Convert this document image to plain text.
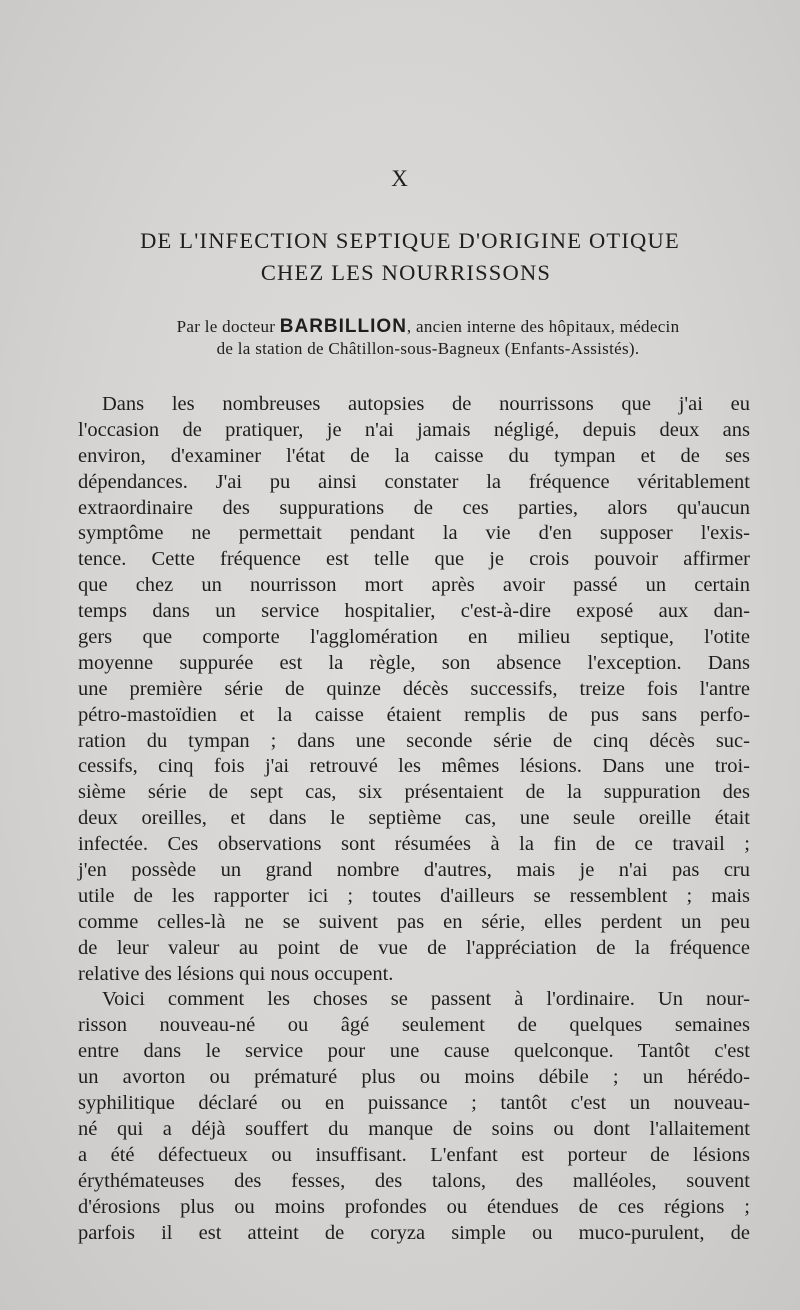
X
DE L'INFECTION SEPTIQUE D'ORIGINE OTIQUE
CHEZ LES NOURRISSONS
Par le docteur BARBILLION, ancien interne des hôpitaux, médecin
de la station de Châtillon-sous-Bagneux (Enfants-Assistés).
Dans les nombreuses autopsies de nourrissons que j'ai eu
l'occasion de pratiquer, je n'ai jamais négligé, depuis deux ans
environ, d'examiner l'état de la caisse du tympan et de ses
dépendances. J'ai pu ainsi constater la fréquence véritablement
extraordinaire des suppurations de ces parties, alors qu'aucun
symptôme ne permettait pendant la vie d'en supposer l'exis-
tence. Cette fréquence est telle que je crois pouvoir affirmer
que chez un nourrisson mort après avoir passé un certain
temps dans un service hospitalier, c'est-à-dire exposé aux dan-
gers que comporte l'agglomération en milieu septique, l'otite
moyenne suppurée est la règle, son absence l'exception. Dans
une première série de quinze décès successifs, treize fois l'antre
pétro-mastoïdien et la caisse étaient remplis de pus sans perfo-
ration du tympan ; dans une seconde série de cinq décès suc-
cessifs, cinq fois j'ai retrouvé les mêmes lésions. Dans une troi-
sième série de sept cas, six présentaient de la suppuration des
deux oreilles, et dans le septième cas, une seule oreille était
infectée. Ces observations sont résumées à la fin de ce travail ;
j'en possède un grand nombre d'autres, mais je n'ai pas cru
utile de les rapporter ici ; toutes d'ailleurs se ressemblent ; mais
comme celles-là ne se suivent pas en série, elles perdent un peu
de leur valeur au point de vue de l'appréciation de la fréquence
relative des lésions qui nous occupent.
Voici comment les choses se passent à l'ordinaire. Un nour-
risson nouveau-né ou âgé seulement de quelques semaines
entre dans le service pour une cause quelconque. Tantôt c'est
un avorton ou prématuré plus ou moins débile ; un hérédo-
syphilitique déclaré ou en puissance ; tantôt c'est un nouveau-
né qui a déjà souffert du manque de soins ou dont l'allaitement
a été défectueux ou insuffisant. L'enfant est porteur de lésions
érythémateuses des fesses, des talons, des malléoles, souvent
d'érosions plus ou moins profondes ou étendues de ces régions ;
parfois il est atteint de coryza simple ou muco-purulent, de
